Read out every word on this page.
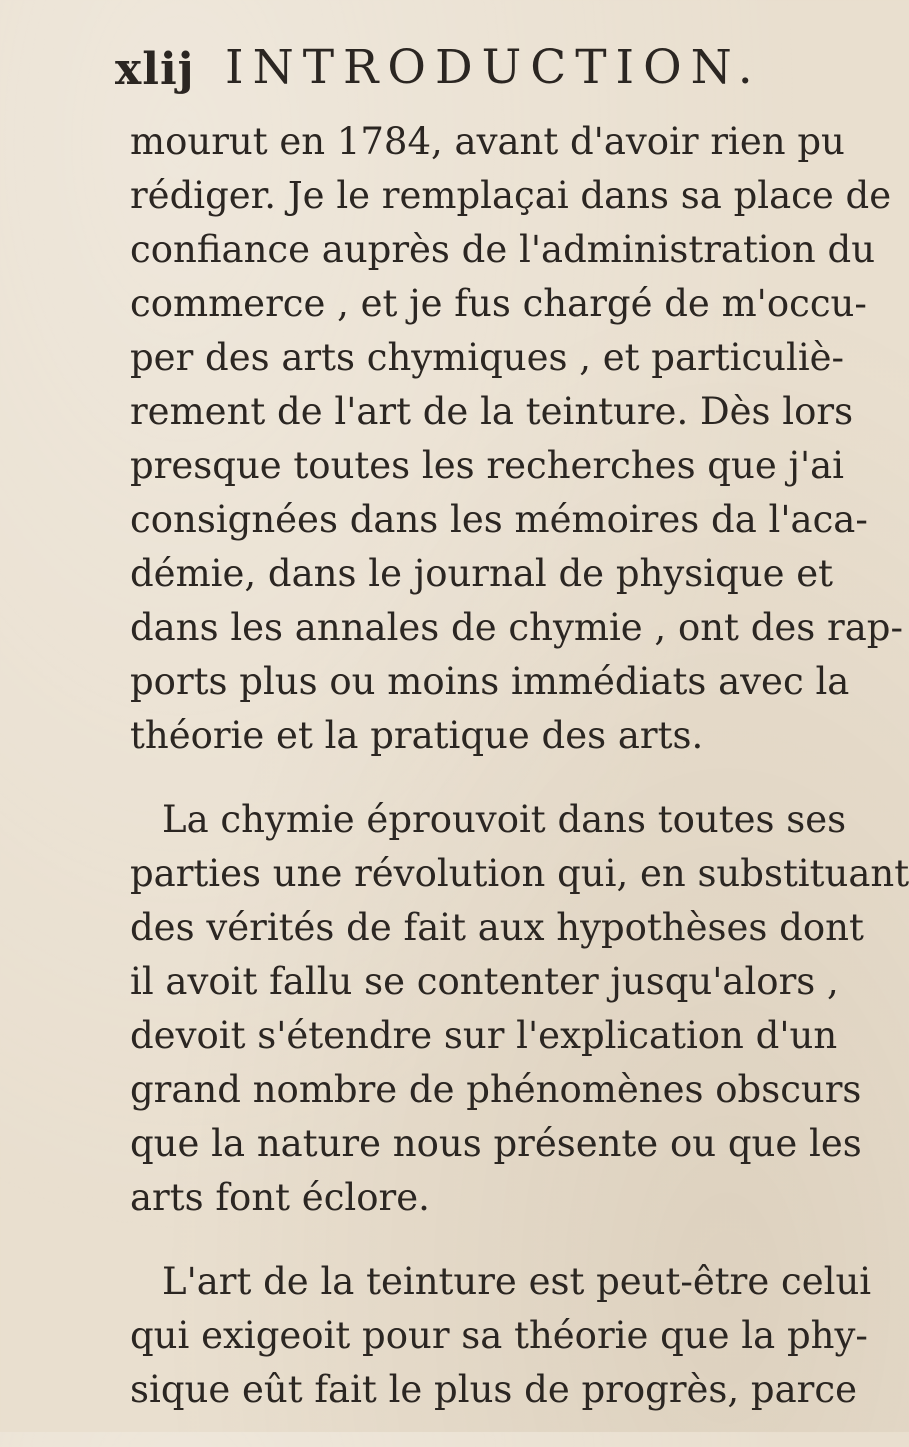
xlij INTRODUCTION.
mourut en 1784, avant d'avoir rien pu
rédiger. Je le remplaçai dans sa place de
confiance auprès de l'administration du
commerce , et je fus chargé de m'occu-
per des arts chymiques , et particuliè-
rement de l'art de la teinture. Dès lors
presque toutes les recherches que j'ai
consignées dans les mémoires da l'aca-
démie, dans le journal de physique et
dans les annales de chymie , ont des rap-
ports plus ou moins immédiats avec la
théorie et la pratique des arts.
La chymie éprouvoit dans toutes ses
parties une révolution qui, en substituant
des vérités de fait aux hypothèses dont
il avoit fallu se contenter jusqu'alors ,
devoit s'étendre sur l'explication d'un
grand nombre de phénomènes obscurs
que la nature nous présente ou que les
arts font éclore.
L'art de la teinture est peut-être celui
qui exigeoit pour sa théorie que la phy-
sique eût fait le plus de progrès, parce
